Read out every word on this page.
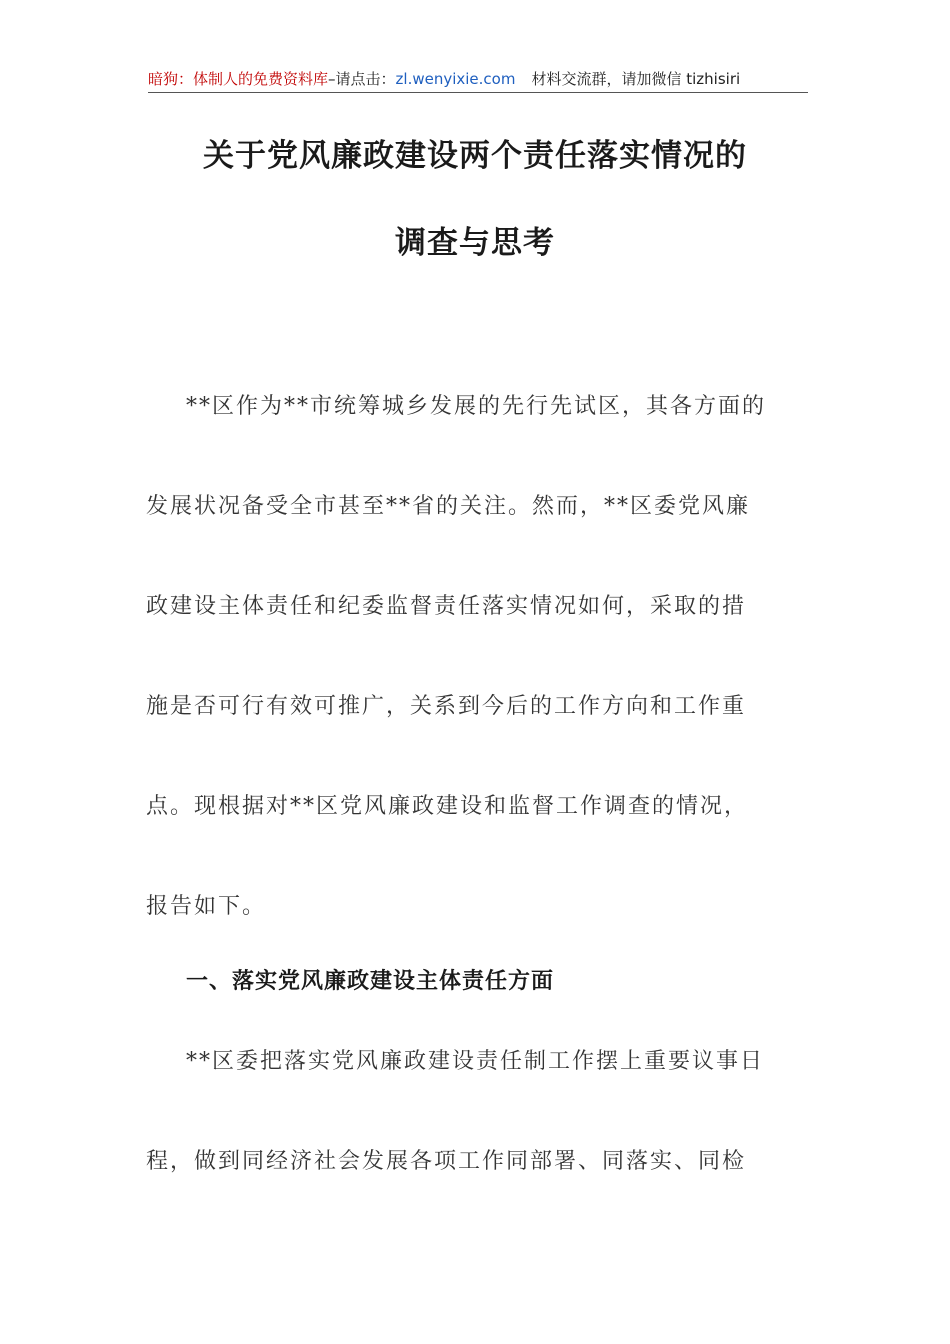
暗狗：体制人的免费资料库–请点击：zl.wenyixie.com 材料交流群，请加微信 tizhisiri
关于党风廉政建设两个责任落实情况的
调查与思考
**区作为**市统筹城乡发展的先行先试区，其各方面的
发展状况备受全市甚至**省的关注。然而，**区委党风廉
政建设主体责任和纪委监督责任落实情况如何，采取的措
施是否可行有效可推广，关系到今后的工作方向和工作重
点。现根据对**区党风廉政建设和监督工作调查的情况，
报告如下。
一、落实党风廉政建设主体责任方面
**区委把落实党风廉政建设责任制工作摆上重要议事日
程，做到同经济社会发展各项工作同部署、同落实、同检
